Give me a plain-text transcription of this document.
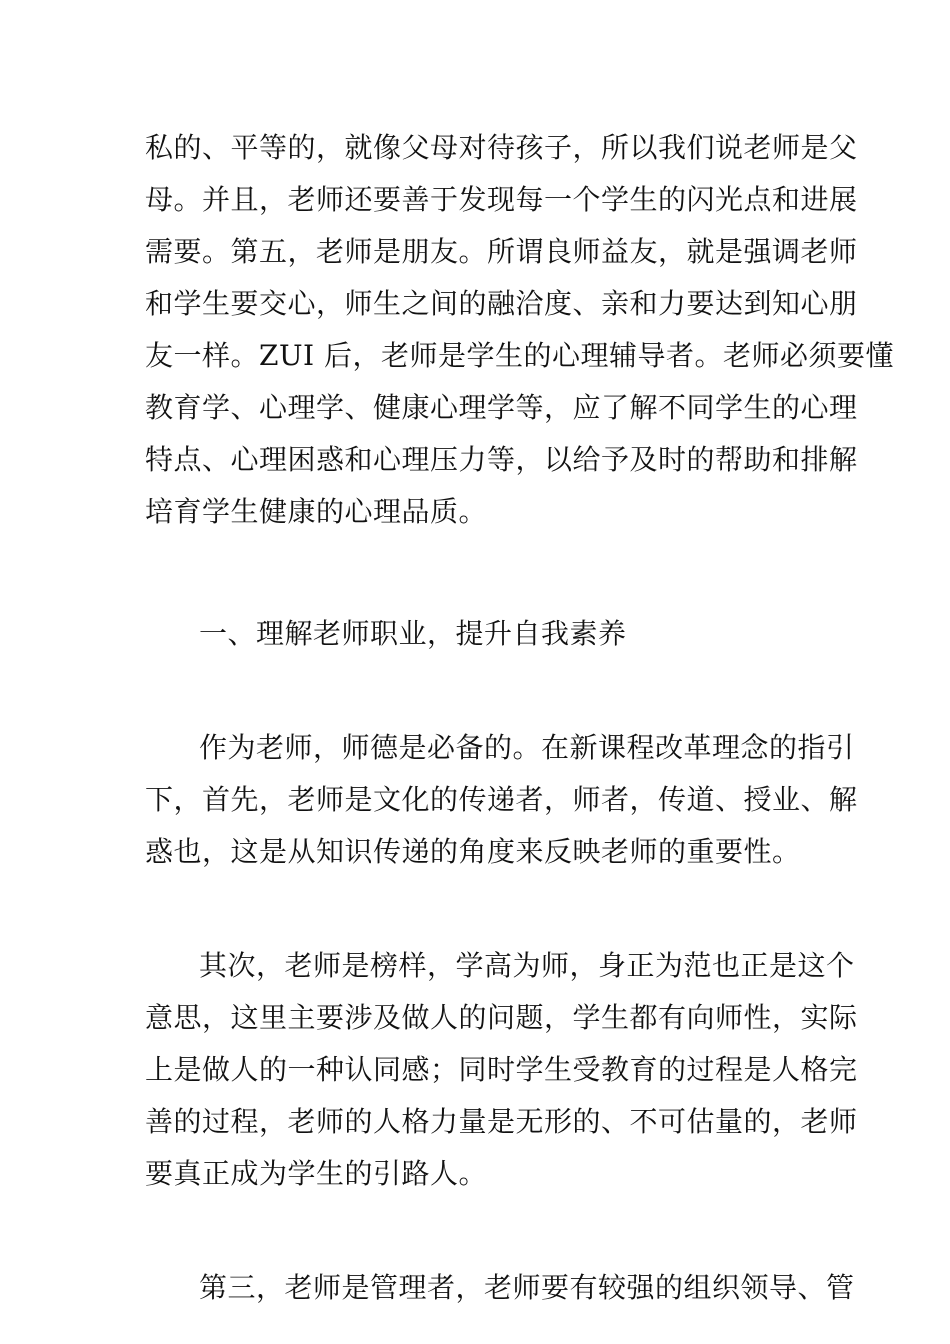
私的、平等的，就像父母对待孩子，所以我们说老师是父
母。并且，老师还要善于发现每一个学生的闪光点和进展
需要。第五，老师是朋友。所谓良师益友，就是强调老师
和学生要交心，师生之间的融洽度、亲和力要达到知心朋
友一样。ZUI 后，老师是学生的心理辅导者。老师必须要懂
教育学、心理学、健康心理学等，应了解不同学生的心理
特点、心理困惑和心理压力等，以给予及时的帮助和排解
培育学生健康的心理品质。
一、理解老师职业，提升自我素养
作为老师，师德是必备的。在新课程改革理念的指引
下，首先，老师是文化的传递者，师者，传道、授业、解
惑也，这是从知识传递的角度来反映老师的重要性。
其次，老师是榜样，学高为师，身正为范也正是这个
意思，这里主要涉及做人的问题，学生都有向师性，实际
上是做人的一种认同感；同时学生受教育的过程是人格完
善的过程，老师的人格力量是无形的、不可估量的，老师
要真正成为学生的引路人。
第三，老师是管理者，老师要有较强的组织领导、管
